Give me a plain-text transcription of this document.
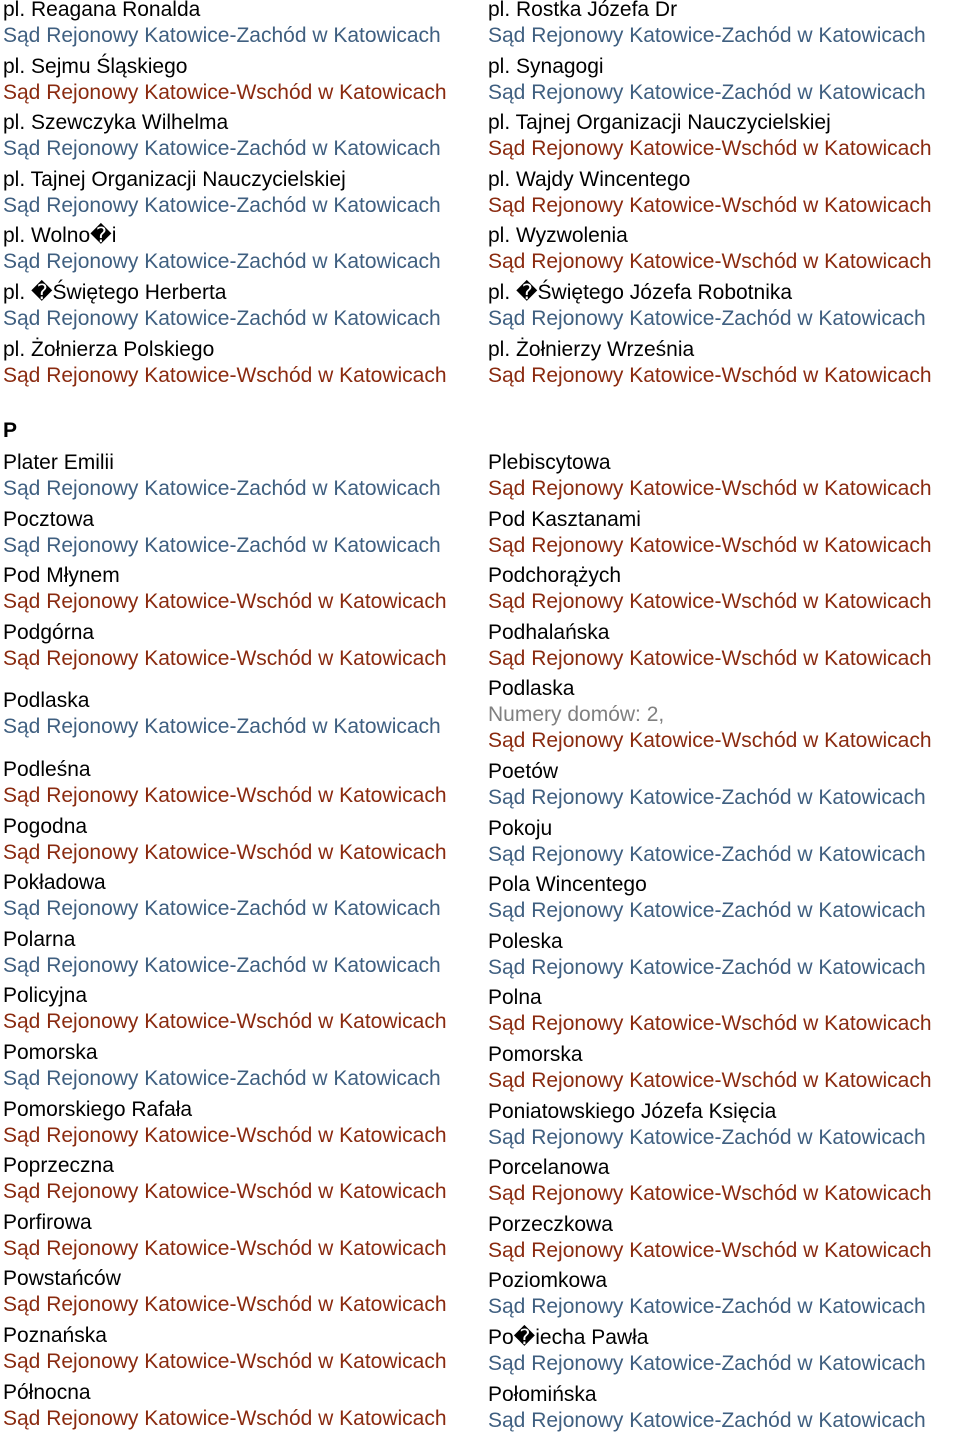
pl. Reagana Ronalda
Sąd Rejonowy Katowice-Zachód w Katowicach
pl. Sejmu Śląskiego
Sąd Rejonowy Katowice-Wschód w Katowicach
pl. Szewczyka Wilhelma
Sąd Rejonowy Katowice-Zachód w Katowicach
pl. Tajnej Organizacji Nauczycielskiej
Sąd Rejonowy Katowice-Zachód w Katowicach
pl. Wolno�i
Sąd Rejonowy Katowice-Zachód w Katowicach
pl. �Świętego Herberta
Sąd Rejonowy Katowice-Zachód w Katowicach
pl. Żołnierza Polskiego
Sąd Rejonowy Katowice-Wschód w Katowicach
pl. Rostka Józefa Dr
Sąd Rejonowy Katowice-Zachód w Katowicach
pl. Synagogi
Sąd Rejonowy Katowice-Zachód w Katowicach
pl. Tajnej Organizacji Nauczycielskiej
Sąd Rejonowy Katowice-Wschód w Katowicach
pl. Wajdy Wincentego
Sąd Rejonowy Katowice-Wschód w Katowicach
pl. Wyzwolenia
Sąd Rejonowy Katowice-Wschód w Katowicach
pl. �Świętego Józefa Robotnika
Sąd Rejonowy Katowice-Zachód w Katowicach
pl. Żołnierzy Września
Sąd Rejonowy Katowice-Wschód w Katowicach
P
Plater Emilii
Sąd Rejonowy Katowice-Zachód w Katowicach
Pocztowa
Sąd Rejonowy Katowice-Zachód w Katowicach
Pod Młynem
Sąd Rejonowy Katowice-Wschód w Katowicach
Podgórna
Sąd Rejonowy Katowice-Wschód w Katowicach
Podlaska
Sąd Rejonowy Katowice-Zachód w Katowicach
Podleśna
Sąd Rejonowy Katowice-Wschód w Katowicach
Pogodna
Sąd Rejonowy Katowice-Wschód w Katowicach
Pokładowa
Sąd Rejonowy Katowice-Zachód w Katowicach
Polarna
Sąd Rejonowy Katowice-Zachód w Katowicach
Policyjna
Sąd Rejonowy Katowice-Wschód w Katowicach
Pomorska
Sąd Rejonowy Katowice-Zachód w Katowicach
Pomorskiego Rafała
Sąd Rejonowy Katowice-Wschód w Katowicach
Poprzeczna
Sąd Rejonowy Katowice-Wschód w Katowicach
Porfirowa
Sąd Rejonowy Katowice-Wschód w Katowicach
Powstańców
Sąd Rejonowy Katowice-Wschód w Katowicach
Poznańska
Sąd Rejonowy Katowice-Wschód w Katowicach
Północna
Sąd Rejonowy Katowice-Wschód w Katowicach
Plebiscytowa
Sąd Rejonowy Katowice-Wschód w Katowicach
Pod Kasztanami
Sąd Rejonowy Katowice-Wschód w Katowicach
Podchorążych
Sąd Rejonowy Katowice-Wschód w Katowicach
Podhalańska
Sąd Rejonowy Katowice-Wschód w Katowicach
Podlaska
Numery domów: 2,
Sąd Rejonowy Katowice-Wschód w Katowicach
Poetów
Sąd Rejonowy Katowice-Zachód w Katowicach
Pokoju
Sąd Rejonowy Katowice-Zachód w Katowicach
Pola Wincentego
Sąd Rejonowy Katowice-Zachód w Katowicach
Poleska
Sąd Rejonowy Katowice-Zachód w Katowicach
Polna
Sąd Rejonowy Katowice-Wschód w Katowicach
Pomorska
Sąd Rejonowy Katowice-Wschód w Katowicach
Poniatowskiego Józefa Księcia
Sąd Rejonowy Katowice-Zachód w Katowicach
Porcelanowa
Sąd Rejonowy Katowice-Wschód w Katowicach
Porzeczkowa
Sąd Rejonowy Katowice-Wschód w Katowicach
Poziomkowa
Sąd Rejonowy Katowice-Zachód w Katowicach
Po�iecha Pawła
Sąd Rejonowy Katowice-Zachód w Katowicach
Połomińska
Sąd Rejonowy Katowice-Zachód w Katowicach
